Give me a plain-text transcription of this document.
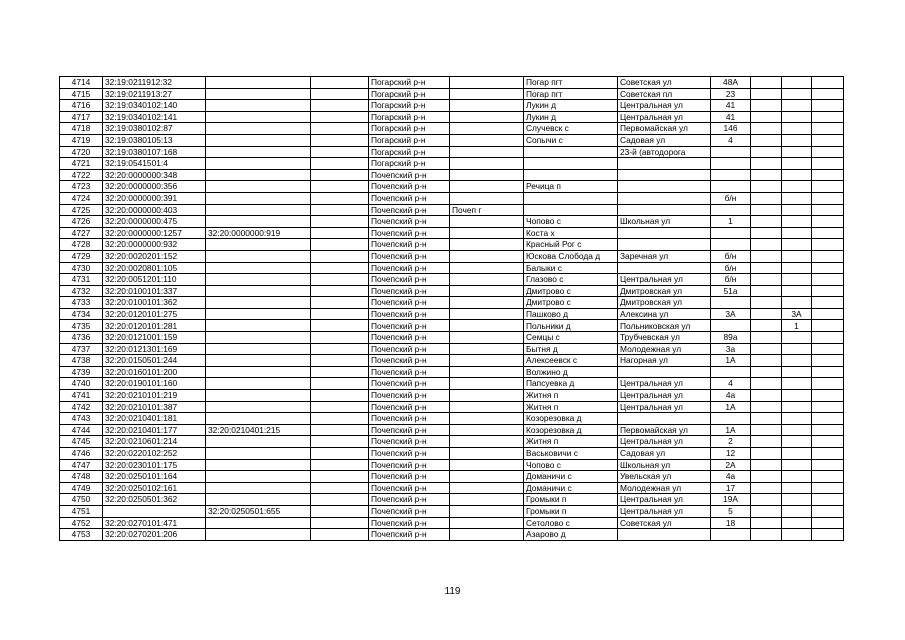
4714	32:19:0211912:32			Погарский р-н		Погар пгт	Советская ул	48А			
4715	32:19:0211913:27			Погарский р-н		Погар пгт	Советская пл	23			
4716	32:19:0340102:140			Погарский р-н		Лукин д	Центральная ул	41			
4717	32:19:0340102:141			Погарский р-н		Лукин д	Центральная ул	41			
4718	32:19:0380102:87			Погарский р-н		Случевск с	Первомайская ул	146			
4719	32:19:0380105:13			Погарский р-н		Сопычи с	Садовая ул	4			
4720	32:19:0380107:168			Погарский р-н			23-й (автодорога				
4721	32:19:0541501:4			Погарский р-н							
4722	32:20:0000000:348			Почепский р-н							
4723	32:20:0000000:356			Почепский р-н		Речица п					
4724	32:20:0000000:391			Почепский р-н				б/н			
4725	32:20:0000000:403			Почепский р-н	Почеп г						
4726	32:20:0000000:475			Почепский р-н		Чопово с	Школьная ул	1			
4727	32:20:0000000:1257	32:20:0000000:919		Почепский р-н		Коста х					
4728	32:20:0000000:932			Почепский р-н		Красный Рог с					
4729	32:20:0020201:152			Почепский р-н		Юскова Слобода д	Заречная ул	б/н			
4730	32:20:0020801:105			Почепский р-н		Балыки с		б/н			
4731	32:20:0051201:110			Почепский р-н		Глазово с	Центральная ул	б/н			
4732	32:20:0100101:337			Почепский р-н		Дмитрово с	Дмитровская ул	51а			
4733	32:20:0100101:362			Почепский р-н		Дмитрово с	Дмитровская ул				
4734	32:20:0120101:275			Почепский р-н		Пашково д	Алексина ул	3А		3А	
4735	32:20:0120101:281			Почепский р-н		Польники д	Польниковская ул			1	
4736	32:20:0121001:159			Почепский р-н		Семцы с	Трубчевская ул	89а			
4737	32:20:0121301:169			Почепский р-н		Бытня д	Молодежная ул	3а			
4738	32:20:0150501:244			Почепский р-н		Алексеевск с	Нагорная ул	1А			
4739	32:20:0160101:200			Почепский р-н		Волжино д					
4740	32:20:0190101:160			Почепский р-н		Папсуевка д	Центральная ул	4			
4741	32:20:0210101:219			Почепский р-н		Житня п	Центральная ул	4а			
4742	32:20:0210101:387			Почепский р-н		Житня п	Центральная ул	1А			
4743	32:20:0210401:181			Почепский р-н		Козорезовка д					
4744	32:20:0210401:177	32:20:0210401:215		Почепский р-н		Козорезовка д	Первомайская ул	1А			
4745	32:20:0210601:214			Почепский р-н		Житня п	Центральная ул	2			
4746	32:20:0220102:252			Почепский р-н		Васьковичи с	Садовая ул	12			
4747	32:20:0230101:175			Почепский р-н		Чопово с	Школьная ул	2А			
4748	32:20:0250101:164			Почепский р-н		Доманичи с	Увельская ул	4а			
4749	32:20:0250102:161			Почепский р-н		Доманичи с	Молодежная ул	17			
4750	32:20:0250501:362			Почепский р-н		Громыки п	Центральная ул	19А			
4751		32:20:0250501:655		Почепский р-н		Громыки п	Центральная ул	5			
4752	32:20:0270101:471			Почепский р-н		Сетолово с	Советская ул	18			
4753	32:20:0270201:206			Почепский р-н		Азарово д					
119
